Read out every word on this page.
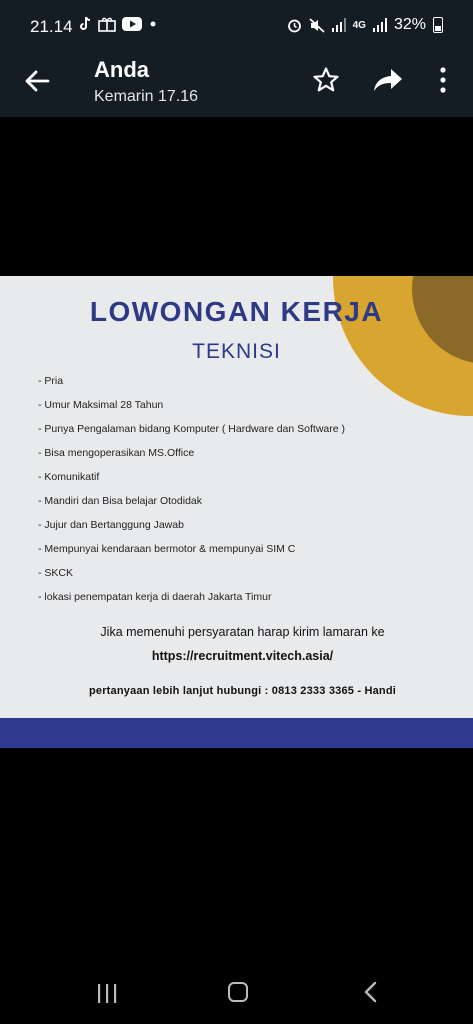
21.14	4G 32%
Anda
Kemarin 17.16
LOWONGAN KERJA
TEKNISI
- Pria
- Umur Maksimal 28 Tahun
- Punya Pengalaman bidang Komputer ( Hardware dan Software )
- Bisa mengoperasikan MS.Office
- Komunikatif
- Mandiri dan Bisa belajar Otodidak
- Jujur dan Bertanggung Jawab
- Mempunyai kendaraan bermotor & mempunyai SIM C
- SKCK
- lokasi penempatan kerja di daerah Jakarta Timur
Jika memenuhi persyaratan harap kirim lamaran ke
https://recruitment.vitech.asia/
pertanyaan lebih lanjut hubungi : 0813 2333 3365 - Handi
